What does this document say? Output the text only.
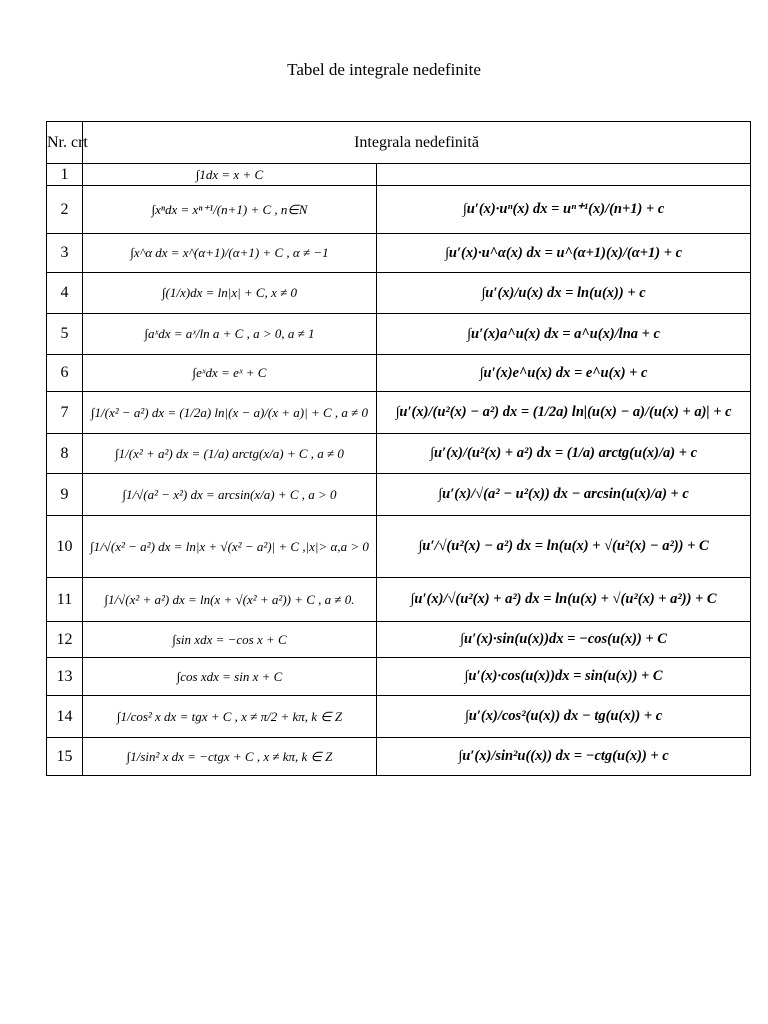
Tabel de integrale nedefinite
Nr. crt	Integrala nedefinită	
1	∫1dx = x + C	
2	∫xⁿdx = xⁿ⁺¹/(n+1) + C , n∈N	∫u′(x)·uⁿ(x) dx = uⁿ⁺¹(x)/(n+1) + c
3	∫x^α dx = x^(α+1)/(α+1) + C , α ≠ −1	∫u′(x)·u^α(x) dx = u^(α+1)(x)/(α+1) + c
4	∫(1/x)dx = ln|x| + C, x ≠ 0	∫u′(x)/u(x) dx = ln(u(x)) + c
5	∫aˣdx = aˣ/ln a + C , a > 0, a ≠ 1	∫u′(x)a^u(x) dx = a^u(x)/lna + c
6	∫eˣdx = eˣ + C	∫u′(x)e^u(x) dx = e^u(x) + c
7	∫1/(x² − a²) dx = (1/2a) ln|(x − a)/(x + a)| + C , a ≠ 0	∫u′(x)/(u²(x) − a²) dx = (1/2a) ln|(u(x) − a)/(u(x) + a)| + c
8	∫1/(x² + a²) dx = (1/a) arctg(x/a) + C , a ≠ 0	∫u′(x)/(u²(x) + a²) dx = (1/a) arctg(u(x)/a) + c
9	∫1/√(a² − x²) dx = arcsin(x/a) + C , a > 0	∫u′(x)/√(a² − u²(x)) dx − arcsin(u(x)/a) + c
10	∫1/√(x² − a²) dx = ln|x + √(x² − a²)| + C ,|x|> α,a > 0	∫u′/√(u²(x) − a²) dx = ln(u(x) + √(u²(x) − a²)) + C
11	∫1/√(x² + a²) dx = ln(x + √(x² + a²)) + C , a ≠ 0.	∫u′(x)/√(u²(x) + a²) dx = ln(u(x) + √(u²(x) + a²)) + C
12	∫sin xdx = −cos x + C	∫u′(x)·sin(u(x))dx = −cos(u(x)) + C
13	∫cos xdx = sin x + C	∫u′(x)·cos(u(x))dx = sin(u(x)) + C
14	∫1/cos² x dx = tgx + C , x ≠ π/2 + kπ, k ∈ Z	∫u′(x)/cos²(u(x)) dx − tg(u(x)) + c
15	∫1/sin² x dx = −ctgx + C , x ≠ kπ, k ∈ Z	∫u′(x)/sin²u((x)) dx = −ctg(u(x)) + c
